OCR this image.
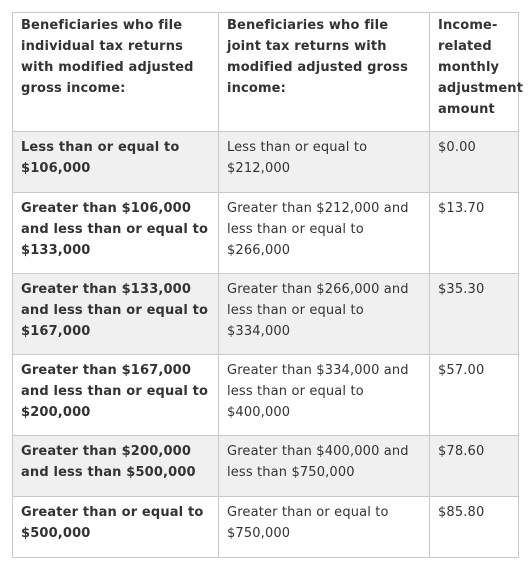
Beneficiaries who file individual tax returns with modified adjusted gross income:	Beneficiaries who file joint tax returns with modified adjusted gross income:	Income-related monthly adjustment amount
Less than or equal to $106,000	Less than or equal to $212,000	$0.00
Greater than $106,000 and less than or equal to $133,000	Greater than $212,000 and less than or equal to $266,000	$13.70
Greater than $133,000 and less than or equal to $167,000	Greater than $266,000 and less than or equal to $334,000	$35.30
Greater than $167,000 and less than or equal to $200,000	Greater than $334,000 and less than or equal to $400,000	$57.00
Greater than $200,000 and less than $500,000	Greater than $400,000 and less than $750,000	$78.60
Greater than or equal to $500,000	Greater than or equal to $750,000	$85.80
